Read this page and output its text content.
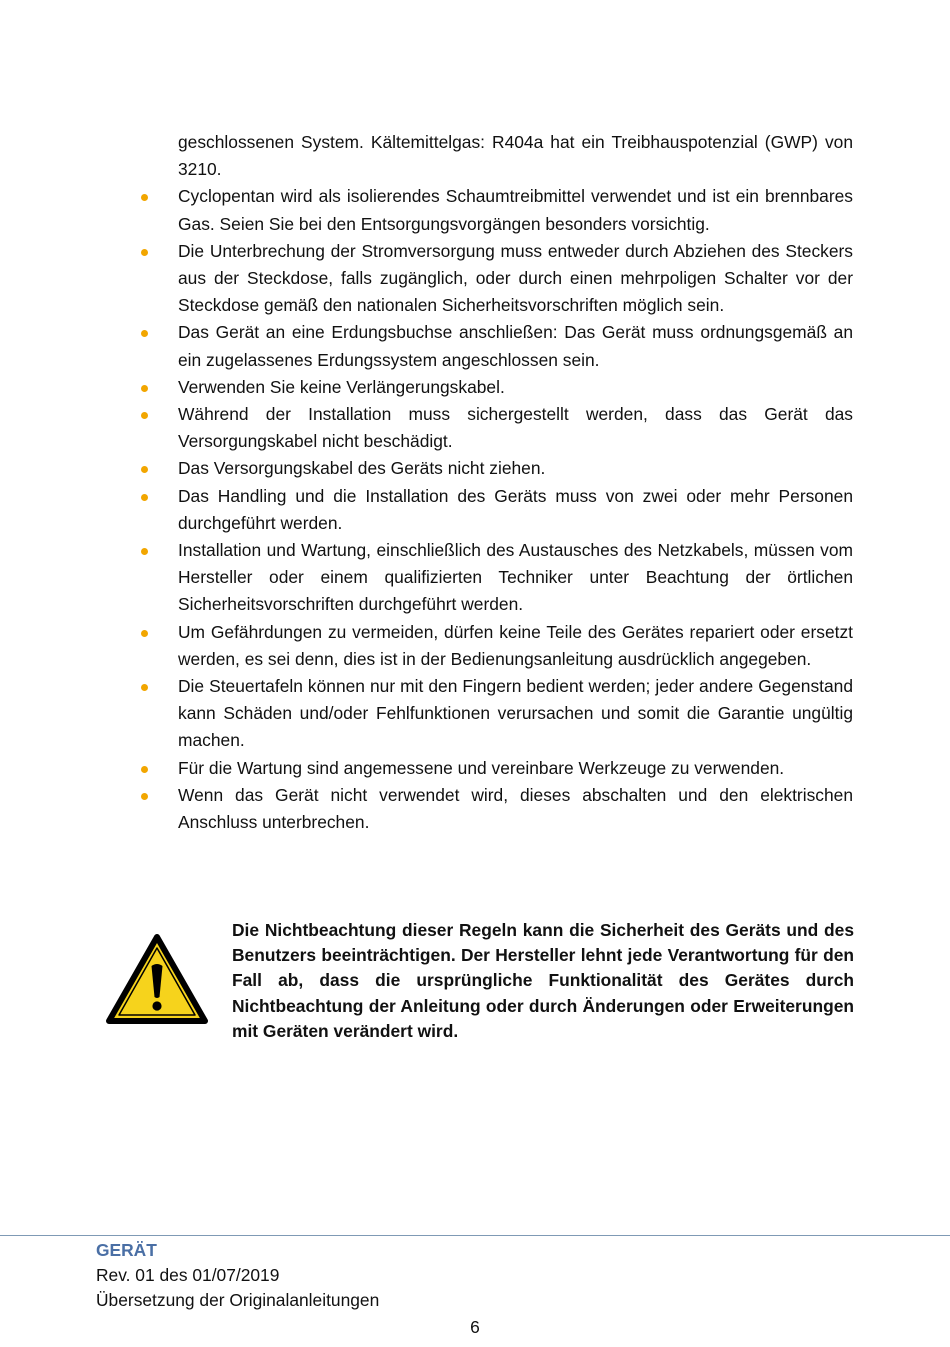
geschlossenen System. Kältemittelgas: R404a hat ein Treibhauspotenzial (GWP) von 3210.

Cyclopentan wird als isolierendes Schaumtreibmittel verwendet und ist ein brennbares Gas. Seien Sie bei den Entsorgungsvorgängen besonders vorsichtig.
Die Unterbrechung der Stromversorgung muss entweder durch Abziehen des Steckers aus der Steckdose, falls zugänglich, oder durch einen mehrpoligen Schalter vor der Steckdose gemäß den nationalen Sicherheitsvorschriften möglich sein.
Das Gerät an eine Erdungsbuchse anschließen: Das Gerät muss ordnungsgemäß an ein zugelassenes Erdungssystem angeschlossen sein.
Verwenden Sie keine Verlängerungskabel.
Während der Installation muss sichergestellt werden, dass das Gerät das Versorgungskabel nicht beschädigt.
Das Versorgungskabel des Geräts nicht ziehen.
Das Handling und die Installation des Geräts muss von zwei oder mehr Personen durchgeführt werden.
Installation und Wartung, einschließlich des Austausches des Netzkabels, müssen vom Hersteller oder einem qualifizierten Techniker unter Beachtung der örtlichen Sicherheitsvorschriften durchgeführt werden.
Um Gefährdungen zu vermeiden, dürfen keine Teile des Gerätes repariert oder ersetzt werden, es sei denn, dies ist in der Bedienungsanleitung ausdrücklich angegeben.
Die Steuertafeln können nur mit den Fingern bedient werden; jeder andere Gegenstand kann Schäden und/oder Fehlfunktionen verursachen und somit die Garantie ungültig machen.
Für die Wartung sind angemessene und vereinbare Werkzeuge zu verwenden.
Wenn das Gerät nicht verwendet wird, dieses abschalten und den elektrischen Anschluss unterbrechen.

Die Nichtbeachtung dieser Regeln kann die Sicherheit des Geräts und des Benutzers beeinträchtigen. Der Hersteller lehnt jede Verantwortung für den Fall ab, dass die ursprüngliche Funktionalität des Gerätes durch Nichtbeachtung der Anleitung oder durch Änderungen oder Erweiterungen mit Geräten verändert wird.

GERÄT
Rev. 01 des 01/07/2019
Übersetzung der Originalanleitungen
6
